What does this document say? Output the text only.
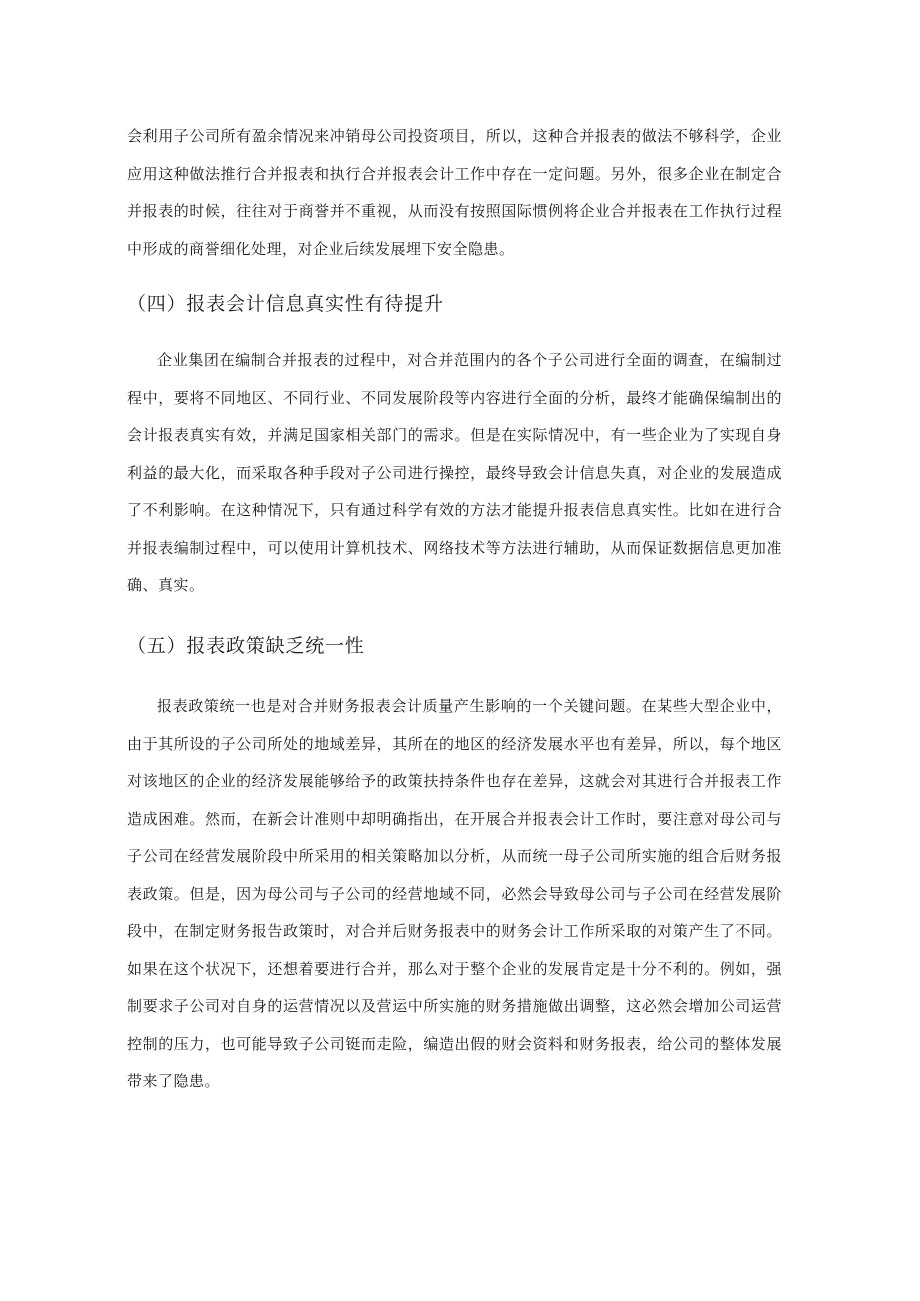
会利用子公司所有盈余情况来冲销母公司投资项目，所以，这种合并报表的做法不够科学，企业应用这种做法推行合并报表和执行合并报表会计工作中存在一定问题。另外，很多企业在制定合并报表的时候，往往对于商誉并不重视，从而没有按照国际惯例将企业合并报表在工作执行过程中形成的商誉细化处理，对企业后续发展埋下安全隐患。

（四）报表会计信息真实性有待提升

企业集团在编制合并报表的过程中，对合并范围内的各个子公司进行全面的调查，在编制过程中，要将不同地区、不同行业、不同发展阶段等内容进行全面的分析，最终才能确保编制出的会计报表真实有效，并满足国家相关部门的需求。但是在实际情况中，有一些企业为了实现自身利益的最大化，而采取各种手段对子公司进行操控，最终导致会计信息失真，对企业的发展造成了不利影响。在这种情况下，只有通过科学有效的方法才能提升报表信息真实性。比如在进行合并报表编制过程中，可以使用计算机技术、网络技术等方法进行辅助，从而保证数据信息更加准确、真实。

（五）报表政策缺乏统一性

报表政策统一也是对合并财务报表会计质量产生影响的一个关键问题。在某些大型企业中，由于其所设的子公司所处的地域差异，其所在的地区的经济发展水平也有差异，所以，每个地区对该地区的企业的经济发展能够给予的政策扶持条件也存在差异，这就会对其进行合并报表工作造成困难。然而，在新会计准则中却明确指出，在开展合并报表会计工作时，要注意对母公司与子公司在经营发展阶段中所采用的相关策略加以分析，从而统一母子公司所实施的组合后财务报表政策。但是，因为母公司与子公司的经营地域不同，必然会导致母公司与子公司在经营发展阶段中，在制定财务报告政策时，对合并后财务报表中的财务会计工作所采取的对策产生了不同。如果在这个状况下，还想着要进行合并，那么对于整个企业的发展肯定是十分不利的。例如，强制要求子公司对自身的运营情况以及营运中所实施的财务措施做出调整，这必然会增加公司运营控制的压力，也可能导致子公司铤而走险，编造出假的财会资料和财务报表，给公司的整体发展带来了隐患。
